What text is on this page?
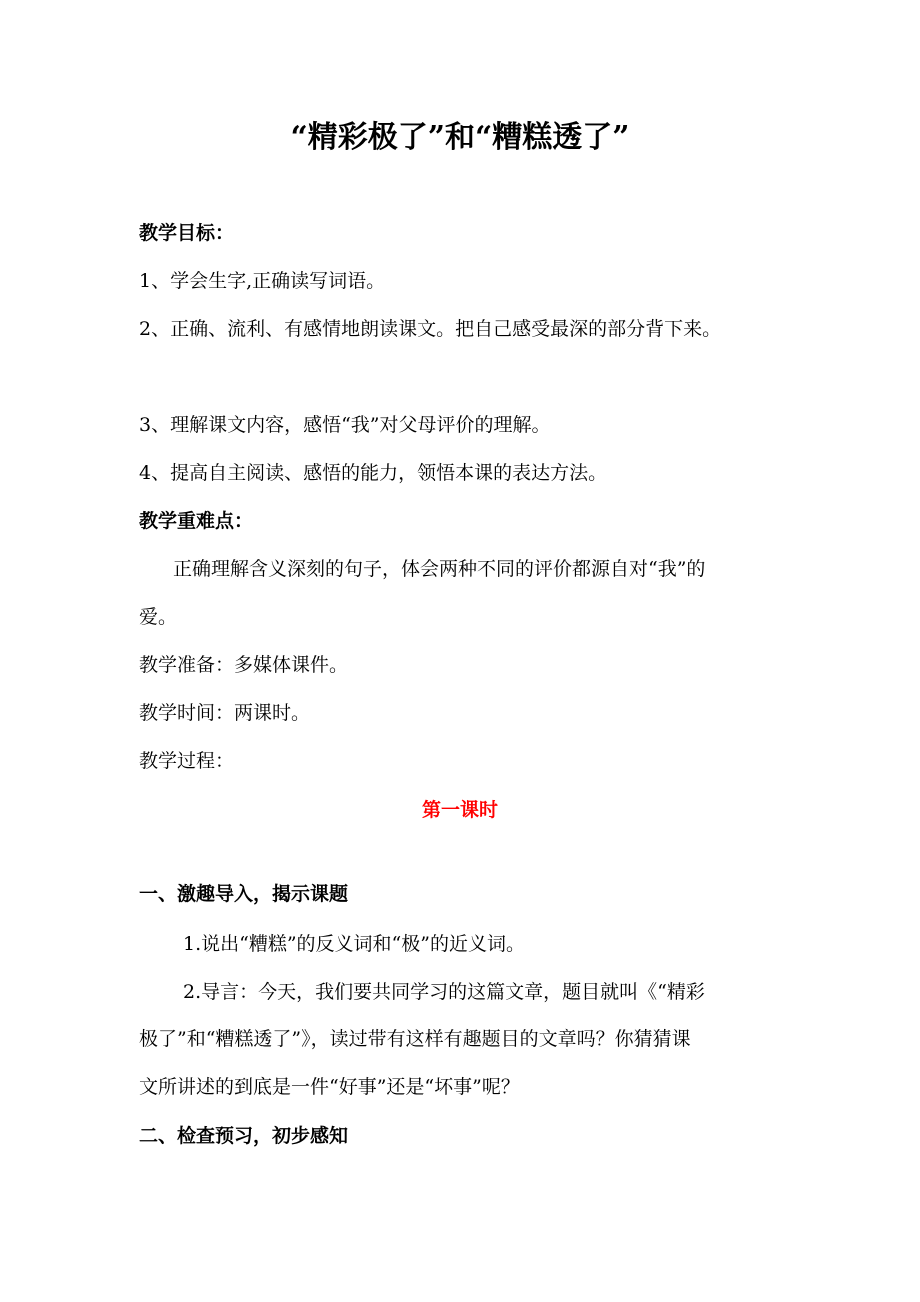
“精彩极了”和“糟糕透了”

教学目标：

1、学会生字,正确读写词语。

2、正确、流利、有感情地朗读课文。把自己感受最深的部分背下来。

3、理解课文内容，感悟“我”对父母评价的理解。

4、提高自主阅读、感悟的能力，领悟本课的表达方法。

教学重难点：

正确理解含义深刻的句子，体会两种不同的评价都源自对“我”的

爱。

教学准备：多媒体课件。

教学时间：两课时。

教学过程：

第一课时

一、激趣导入，揭示课题

1.说出“糟糕”的反义词和“极”的近义词。

2.导言：今天，我们要共同学习的这篇文章，题目就叫《“精彩

极了”和“糟糕透了”》，读过带有这样有趣题目的文章吗？你猜猜课

文所讲述的到底是一件“好事”还是“坏事”呢？

二、检查预习，初步感知
